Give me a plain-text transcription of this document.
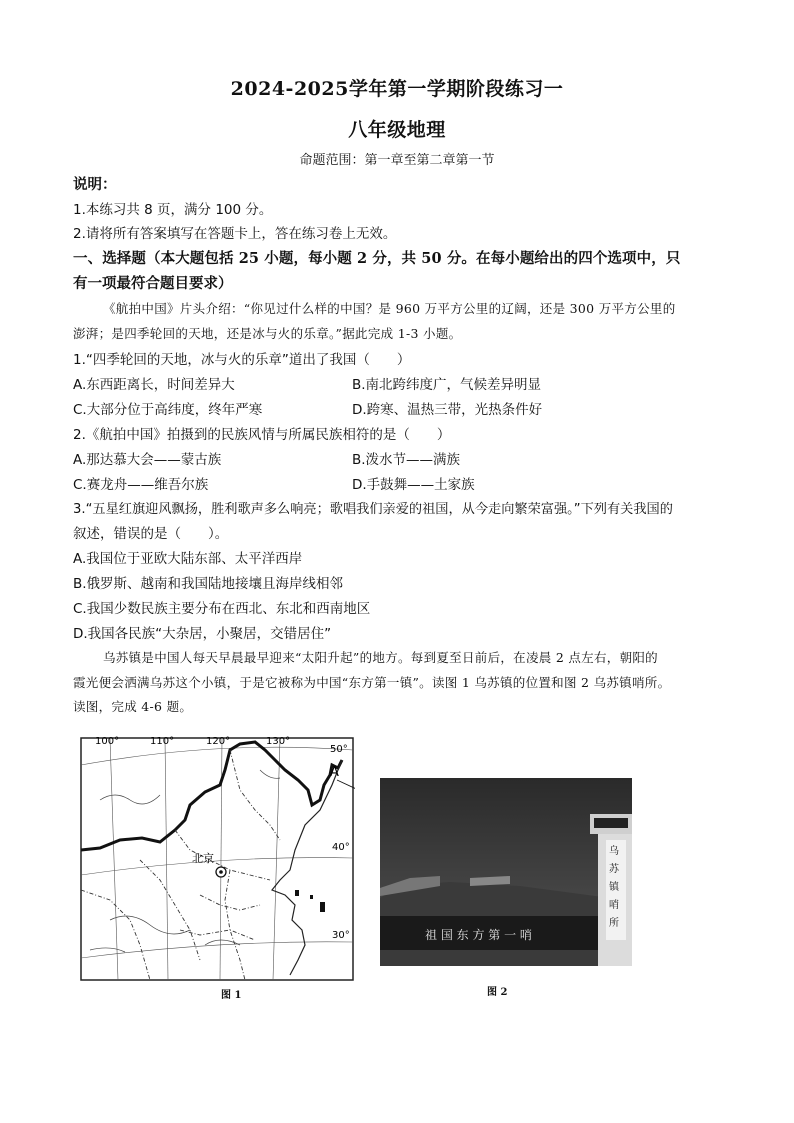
2024-2025学年第一学期阶段练习一
八年级地理
命题范围：第一章至第二章第一节
说明：
1.本练习共 8 页，满分 100 分。
2.请将所有答案填写在答题卡上，答在练习卷上无效。
一、选择题（本大题包括 25 小题，每小题 2 分，共 50 分。在每小题给出的四个选项中，只
有一项最符合题目要求）
《航拍中国》片头介绍：“你见过什么样的中国？是 960 万平方公里的辽阔，还是 300 万平方公里的
澎湃；是四季轮回的天地，还是冰与火的乐章。”据此完成 1-3 小题。
1.“四季轮回的天地，冰与火的乐章”道出了我国（　　）
A.东西距离长，时间差异大	B.南北跨纬度广，气候差异明显
C.大部分位于高纬度，终年严寒	D.跨寒、温热三带，光热条件好
2.《航拍中国》拍摄到的民族风情与所属民族相符的是（　　）
A.那达慕大会——蒙古族	B.泼水节——满族
C.赛龙舟——维吾尔族	D.手鼓舞——土家族
3.“五星红旗迎风飘扬，胜利歌声多么响亮；歌唱我们亲爱的祖国，从今走向繁荣富强。”下列有关我国的
叙述，错误的是（　　）。
A.我国位于亚欧大陆东部、太平洋西岸
B.俄罗斯、越南和我国陆地接壤且海岸线相邻
C.我国少数民族主要分布在西北、东北和西南地区
D.我国各民族“大杂居，小聚居，交错居住”
乌苏镇是中国人每天早晨最早迎来“太阳升起”的地方。每到夏至日前后，在凌晨 2 点左右，朝阳的
霞光便会洒满乌苏这个小镇，于是它被称为中国“东方第一镇”。读图 1 乌苏镇的位置和图 2 乌苏镇哨所。
读图，完成 4-6 题。
北京
A
100°	110°	120°	130°
50°
40°
30°
图 1
祖 国 东 方 第 一 哨
乌
苏
镇
哨
所
图 2
